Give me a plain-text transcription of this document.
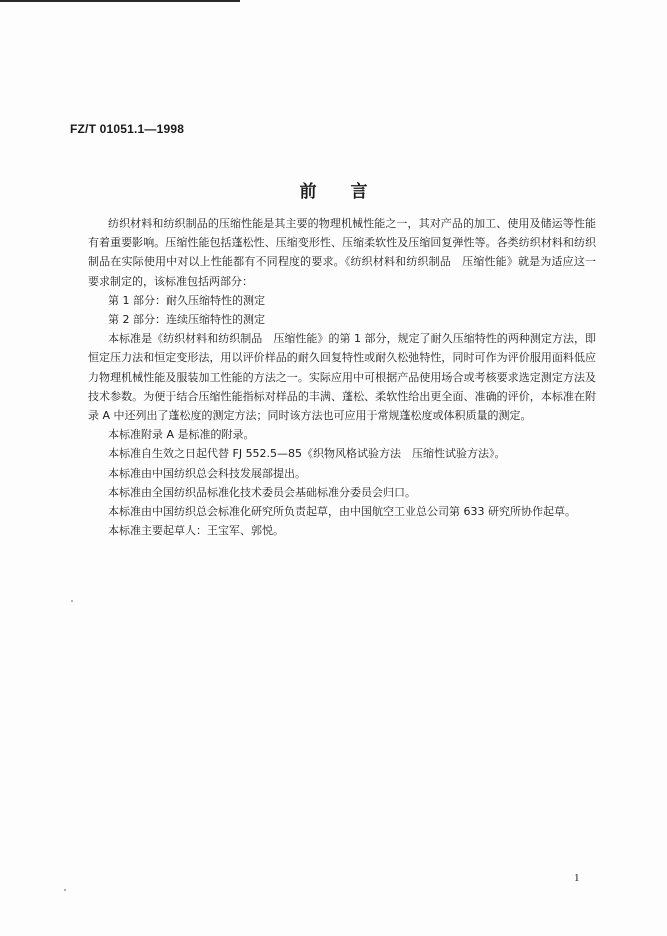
FZ/T 01051.1—1998
前言

纺织材料和纺织制品的压缩性能是其主要的物理机械性能之一，其对产品的加工、使用及储运等性能有着重要影响。压缩性能包括蓬松性、压缩变形性、压缩柔软性及压缩回复弹性等。各类纺织材料和纺织制品在实际使用中对以上性能都有不同程度的要求。《纺织材料和纺织制品　压缩性能》就是为适应这一要求制定的，该标准包括两部分：

第 1 部分：耐久压缩特性的测定

第 2 部分：连续压缩特性的测定

本标准是《纺织材料和纺织制品　压缩性能》的第 1 部分，规定了耐久压缩特性的两种测定方法，即恒定压力法和恒定变形法，用以评价样品的耐久回复特性或耐久松弛特性，同时可作为评价服用面料低应力物理机械性能及服装加工性能的方法之一。实际应用中可根据产品使用场合或考核要求选定测定方法及技术参数。为便于结合压缩性能指标对样品的丰满、蓬松、柔软性给出更全面、准确的评价，本标准在附录 A 中还列出了蓬松度的测定方法；同时该方法也可应用于常规蓬松度或体积质量的测定。

本标准附录 A 是标准的附录。

本标准自生效之日起代替 FJ 552.5—85《织物风格试验方法　压缩性试验方法》。

本标准由中国纺织总会科技发展部提出。

本标准由全国纺织品标准化技术委员会基础标准分委员会归口。

本标准由中国纺织总会标准化研究所负责起草，由中国航空工业总公司第 633 研究所协作起草。

本标准主要起草人：王宝军、郭悦。

1
